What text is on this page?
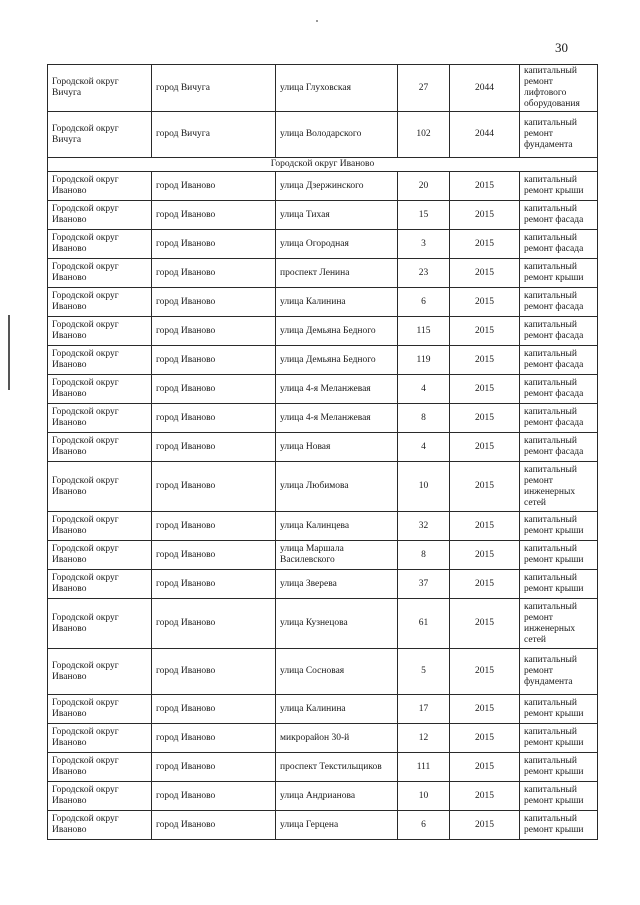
30
Городской округ Вичуга	город Вичуга	улица Глуховская	27	2044	капитальный ремонт лифтового оборудования
Городской округ Вичуга	город Вичуга	улица Володарского	102	2044	капитальный ремонт фундамента
Городской округ Иваново					
Городской округ Иваново	город Иваново	улица Дзержинского	20	2015	капитальный ремонт крыши
Городской округ Иваново	город Иваново	улица Тихая	15	2015	капитальный ремонт фасада
Городской округ Иваново	город Иваново	улица Огородная	3	2015	капитальный ремонт фасада
Городской округ Иваново	город Иваново	проспект Ленина	23	2015	капитальный ремонт крыши
Городской округ Иваново	город Иваново	улица Калинина	6	2015	капитальный ремонт фасада
Городской округ Иваново	город Иваново	улица Демьяна Бедного	115	2015	капитальный ремонт фасада
Городской округ Иваново	город Иваново	улица Демьяна Бедного	119	2015	капитальный ремонт фасада
Городской округ Иваново	город Иваново	улица 4-я Меланжевая	4	2015	капитальный ремонт фасада
Городской округ Иваново	город Иваново	улица 4-я Меланжевая	8	2015	капитальный ремонт фасада
Городской округ Иваново	город Иваново	улица Новая	4	2015	капитальный ремонт фасада
Городской округ Иваново	город Иваново	улица Любимова	10	2015	капитальный ремонт инженерных сетей
Городской округ Иваново	город Иваново	улица Калинцева	32	2015	капитальный ремонт крыши
Городской округ Иваново	город Иваново	улица Маршала Василевского	8	2015	капитальный ремонт крыши
Городской округ Иваново	город Иваново	улица Зверева	37	2015	капитальный ремонт крыши
Городской округ Иваново	город Иваново	улица Кузнецова	61	2015	капитальный ремонт инженерных сетей
Городской округ Иваново	город Иваново	улица Сосновая	5	2015	капитальный ремонт фундамента
Городской округ Иваново	город Иваново	улица Калинина	17	2015	капитальный ремонт крыши
Городской округ Иваново	город Иваново	микрорайон 30-й	12	2015	капитальный ремонт крыши
Городской округ Иваново	город Иваново	проспект Текстильщиков	111	2015	капитальный ремонт крыши
Городской округ Иваново	город Иваново	улица Андрианова	10	2015	капитальный ремонт крыши
Городской округ Иваново	город Иваново	улица Герцена	6	2015	капитальный ремонт крыши
